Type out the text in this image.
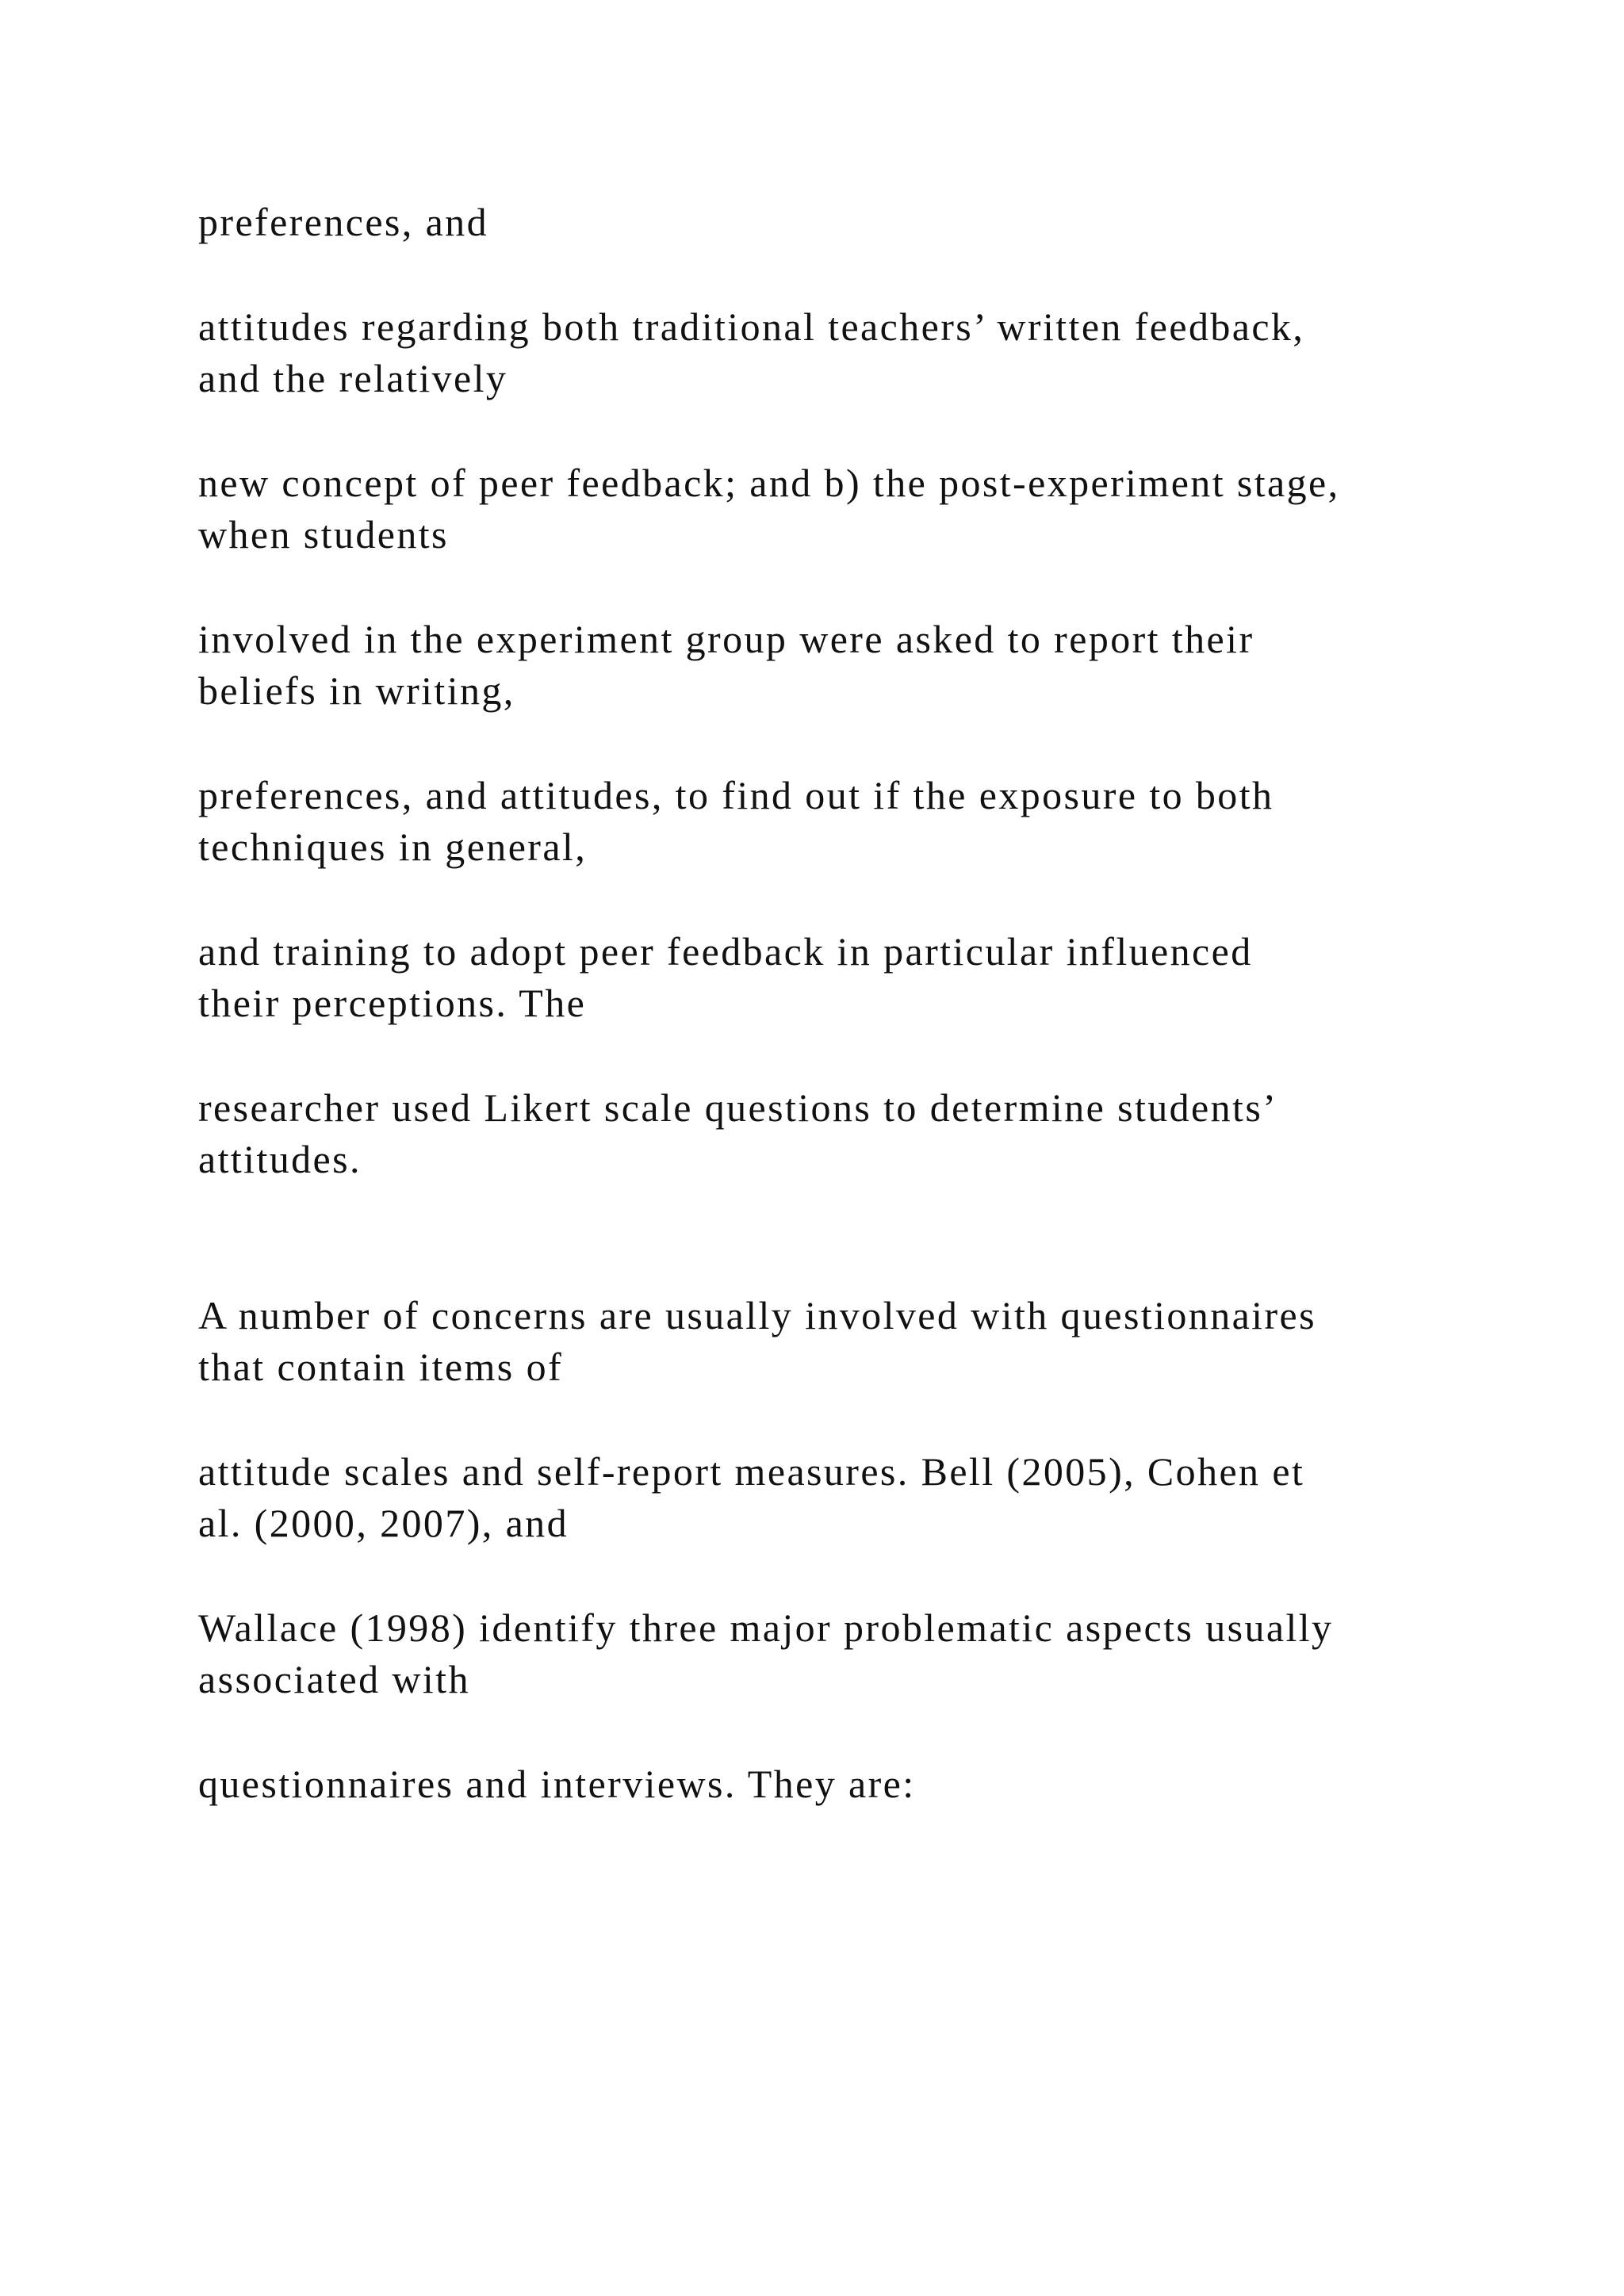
preferences, and

attitudes regarding both traditional teachers’ written feedback,
and the relatively

new concept of peer feedback; and b) the post-experiment stage,
when students

involved in the experiment group were asked to report their
beliefs in writing,

preferences, and attitudes, to find out if the exposure to both
techniques in general,

and training to adopt peer feedback in particular influenced
their perceptions. The

researcher used Likert scale questions to determine students’
attitudes.

A number of concerns are usually involved with questionnaires
that contain items of

attitude scales and self-report measures. Bell (2005), Cohen et
al. (2000, 2007), and

Wallace (1998) identify three major problematic aspects usually
associated with

questionnaires and interviews. They are:
